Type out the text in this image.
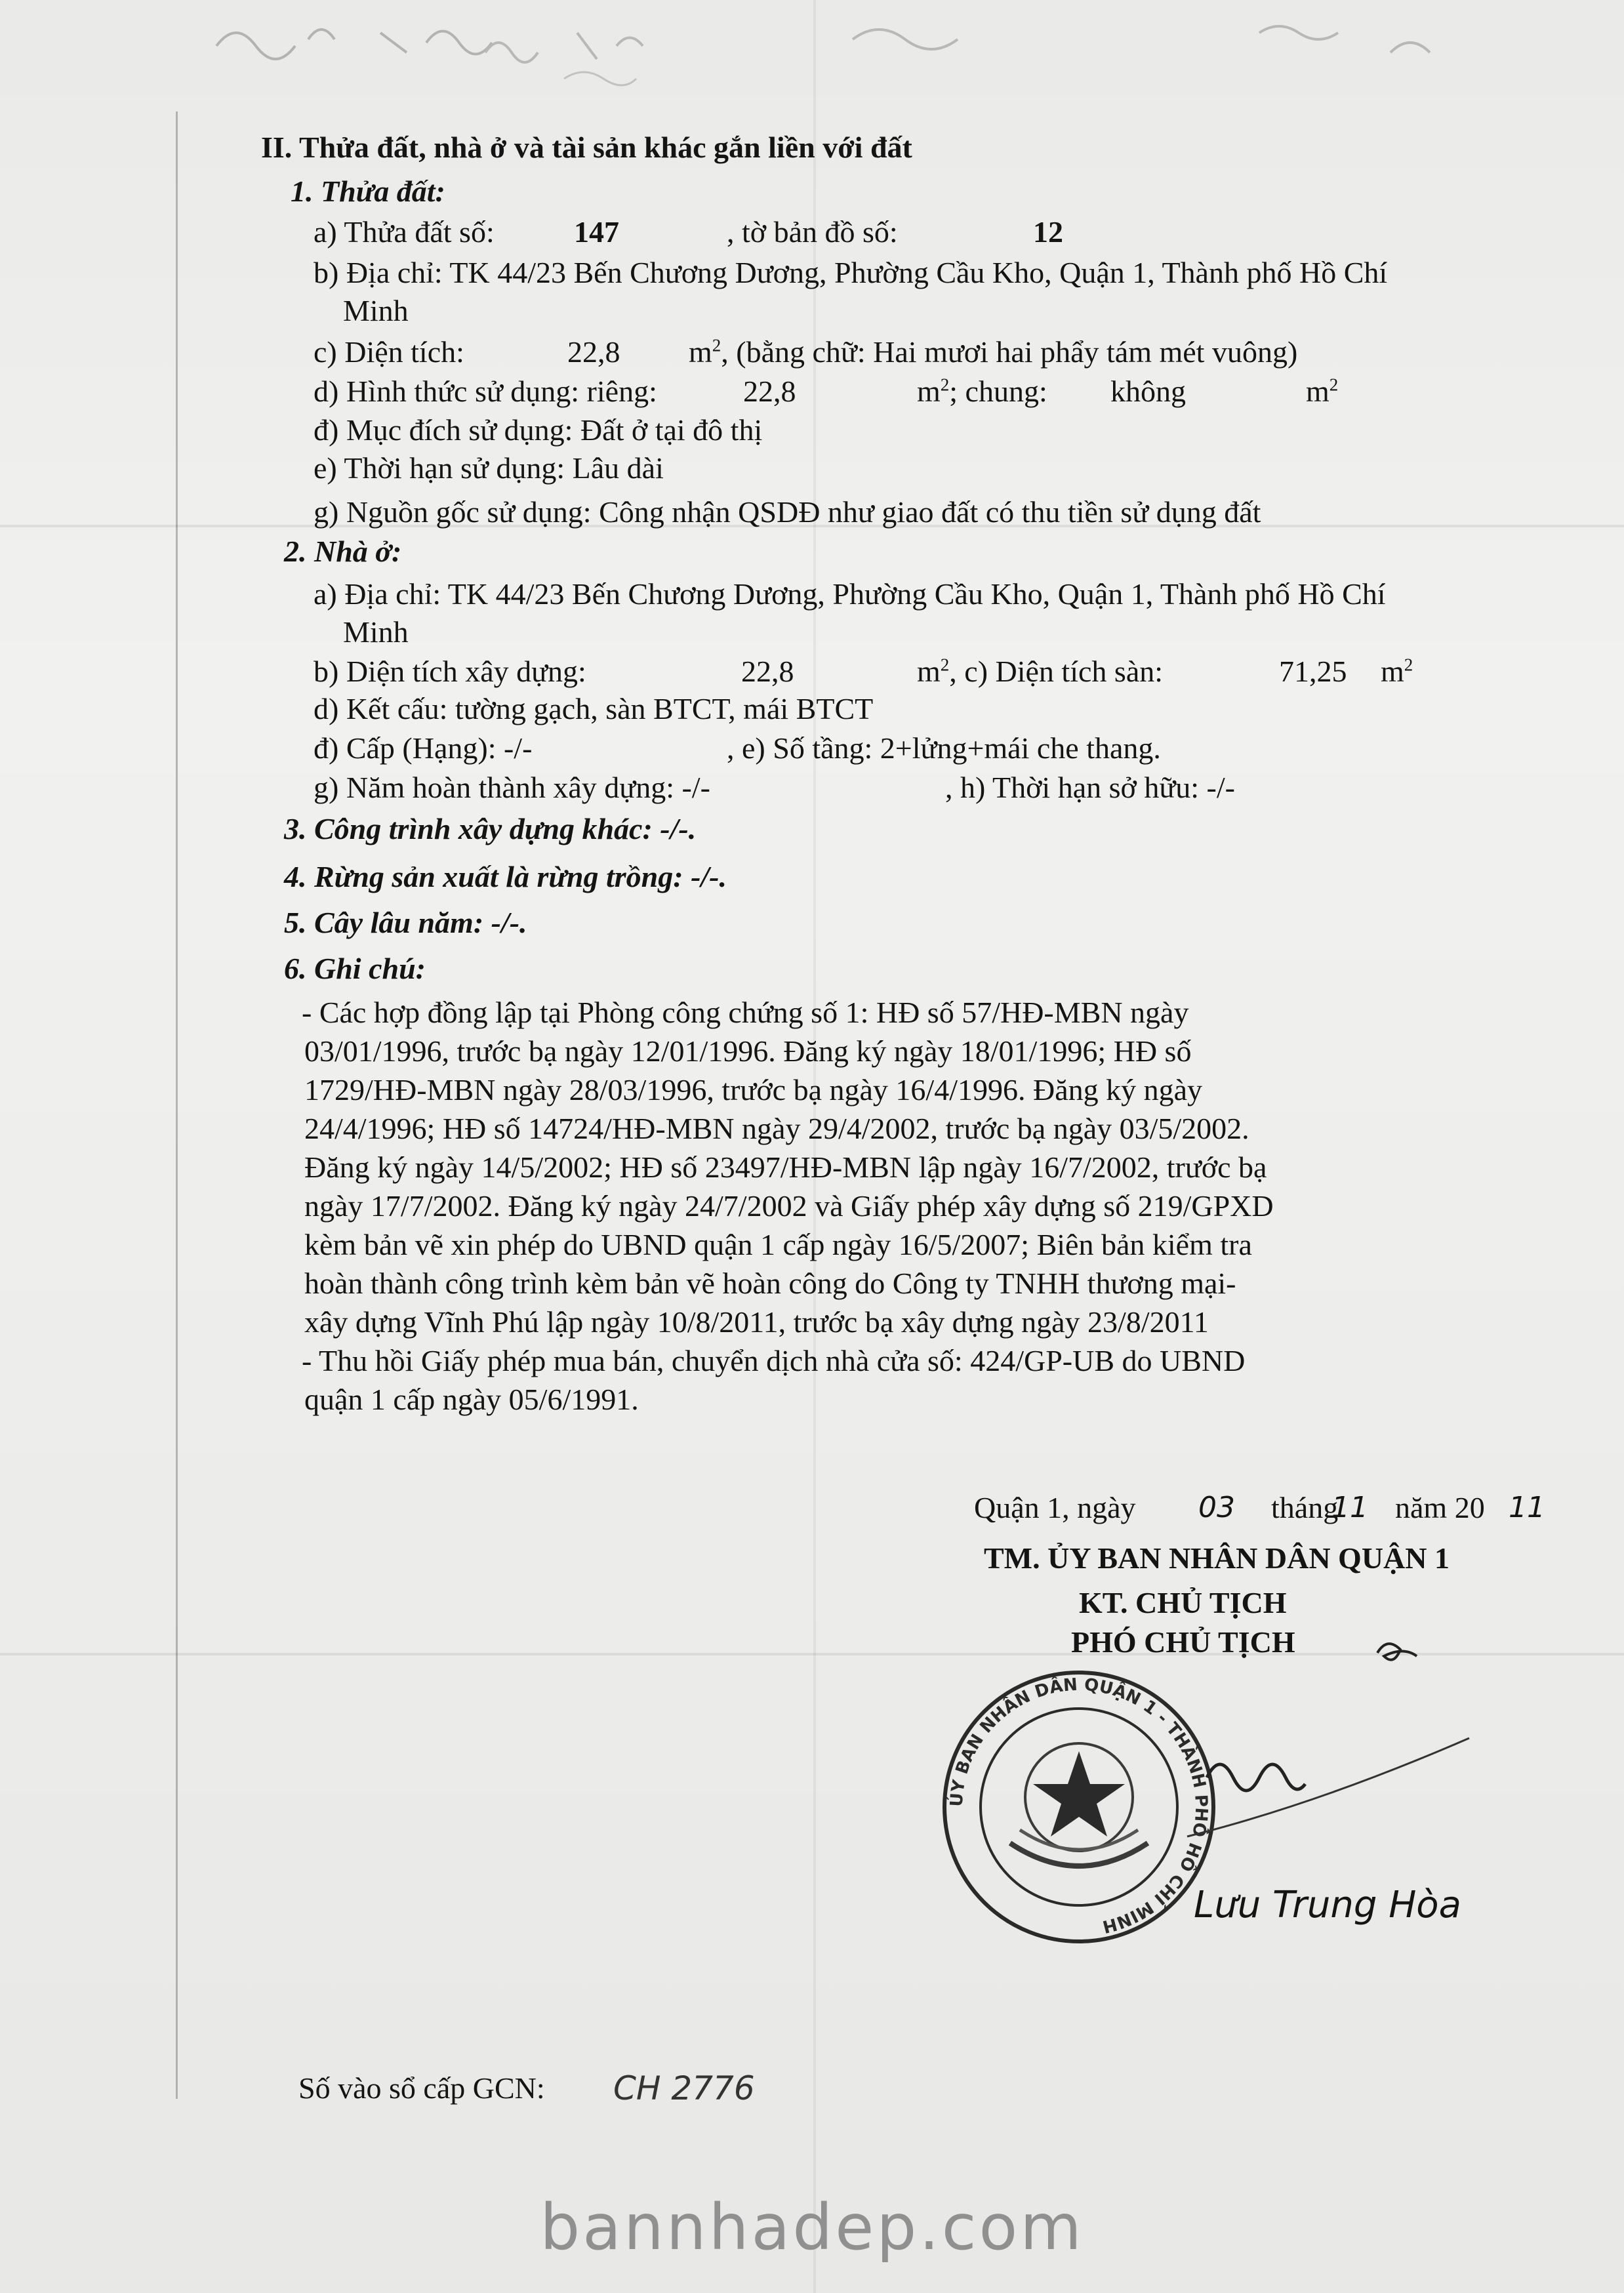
II. Thửa đất, nhà ở và tài sản khác gắn liền với đất
1. Thửa đất:
a) Thửa đất số:	147	, tờ bản đồ số:	12
b) Địa chỉ: TK 44/23 Bến Chương Dương, Phường Cầu Kho, Quận 1, Thành phố Hồ Chí
Minh
c) Diện tích:	22,8 $m^2$, (bằng chữ: Hai mươi hai phẩy tám mét vuông)
d) Hình thức sử dụng: riêng:	22,8	$m^2$; chung: không	$m^2$
đ) Mục đích sử dụng: Đất ở tại đô thị
e) Thời hạn sử dụng: Lâu dài
g) Nguồn gốc sử dụng: Công nhận QSDĐ như giao đất có thu tiền sử dụng đất
2. Nhà ở:
a) Địa chỉ: TK 44/23 Bến Chương Dương, Phường Cầu Kho, Quận 1, Thành phố Hồ Chí
Minh
b) Diện tích xây dựng:	22,8	$m^2$, c) Diện tích sàn:	71,25 $m^2$
d) Kết cấu: tường gạch, sàn BTCT, mái BTCT
đ) Cấp (Hạng): -/-	, e) Số tầng: 2+lửng+mái che thang.
g) Năm hoàn thành xây dựng: -/-	, h) Thời hạn sở hữu: -/-
3. Công trình xây dựng khác: -/-.
4. Rừng sản xuất là rừng trồng: -/-.
5. Cây lâu năm: -/-.
6. Ghi chú:
- Các hợp đồng lập tại Phòng công chứng số 1: HĐ số 57/HĐ-MBN ngày
03/01/1996, trước bạ ngày 12/01/1996. Đăng ký ngày 18/01/1996; HĐ số
1729/HĐ-MBN ngày 28/03/1996, trước bạ ngày 16/4/1996. Đăng ký ngày
24/4/1996; HĐ số 14724/HĐ-MBN ngày 29/4/2002, trước bạ ngày 03/5/2002.
Đăng ký ngày 14/5/2002; HĐ số 23497/HĐ-MBN lập ngày 16/7/2002, trước bạ
ngày 17/7/2002. Đăng ký ngày 24/7/2002 và Giấy phép xây dựng số 219/GPXD
kèm bản vẽ xin phép do UBND quận 1 cấp ngày 16/5/2007; Biên bản kiểm tra
hoàn thành công trình kèm bản vẽ hoàn công do Công ty TNHH thương mại-
xây dựng Vĩnh Phú lập ngày 10/8/2011, trước bạ xây dựng ngày 23/8/2011
- Thu hồi Giấy phép mua bán, chuyển dịch nhà cửa số: 424/GP-UB do UBND
quận 1 cấp ngày 05/6/1991.
Quận 1, ngày 03 tháng
11 năm 20 11
TM. ỦY BAN NHÂN DÂN QUẬN 1
KT. CHỦ TỊCH
PHÓ CHỦ TỊCH
ỦY BAN NHÂN DÂN QUẬN 1 - THÀNH PHỐ HỒ CHÍ MINH	Lưu Trung Hòa
Số vào sổ cấp GCN: CH 2776
bannhadep.com
